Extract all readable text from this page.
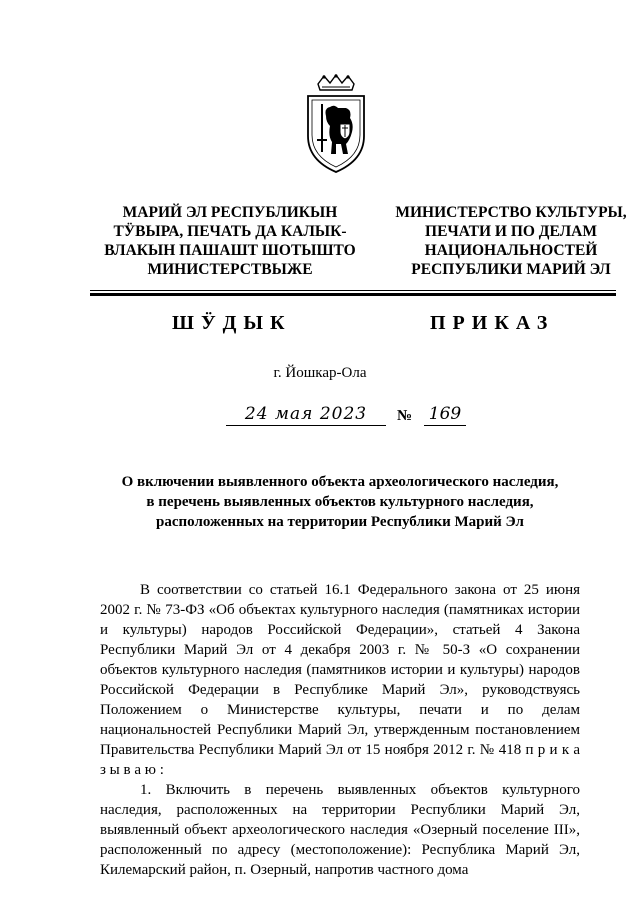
МАРИЙ ЭЛ РЕСПУБЛИКЫН
ТӰВЫРА, ПЕЧАТЬ ДА КАЛЫК-
ВЛАКЫН ПАШАШТ ШОТЫШТО
МИНИСТЕРСТВЫЖЕ
МИНИСТЕРСТВО КУЛЬТУРЫ,
ПЕЧАТИ И ПО ДЕЛАМ
НАЦИОНАЛЬНОСТЕЙ
РЕСПУБЛИКИ МАРИЙ ЭЛ
ШӰДЫК	ПРИКАЗ
г. Йошкар-Ола
24 мая 2023	№ 169
О включении выявленного объекта археологического наследия,
в перечень выявленных объектов культурного наследия,
расположенных на территории Республики Марий Эл

В соответствии со статьей 16.1 Федерального закона от 25 июня 2002 г. № 73-ФЗ «Об объектах культурного наследия (памятниках истории и культуры) народов Российской Федерации», статьей 4 Закона Республики Марий Эл от 4 декабря 2003 г. № 50-З «О сохранении объектов культурного наследия (памятников истории и культуры) народов Российской Федерации в Республике Марий Эл», руководствуясь Положением о Министерстве культуры, печати и по делам национальностей Республики Марий Эл, утвержденным постановлением Правительства Республики Марий Эл от 15 ноября 2012 г. № 418 п р и к а з ы в а ю :

1. Включить в перечень выявленных объектов культурного наследия, расположенных на территории Республики Марий Эл, выявленный объект археологического наследия «Озерный поселение III», расположенный по адресу (местоположение): Республика Марий Эл, Килемарский район, п. Озерный, напротив частного дома
